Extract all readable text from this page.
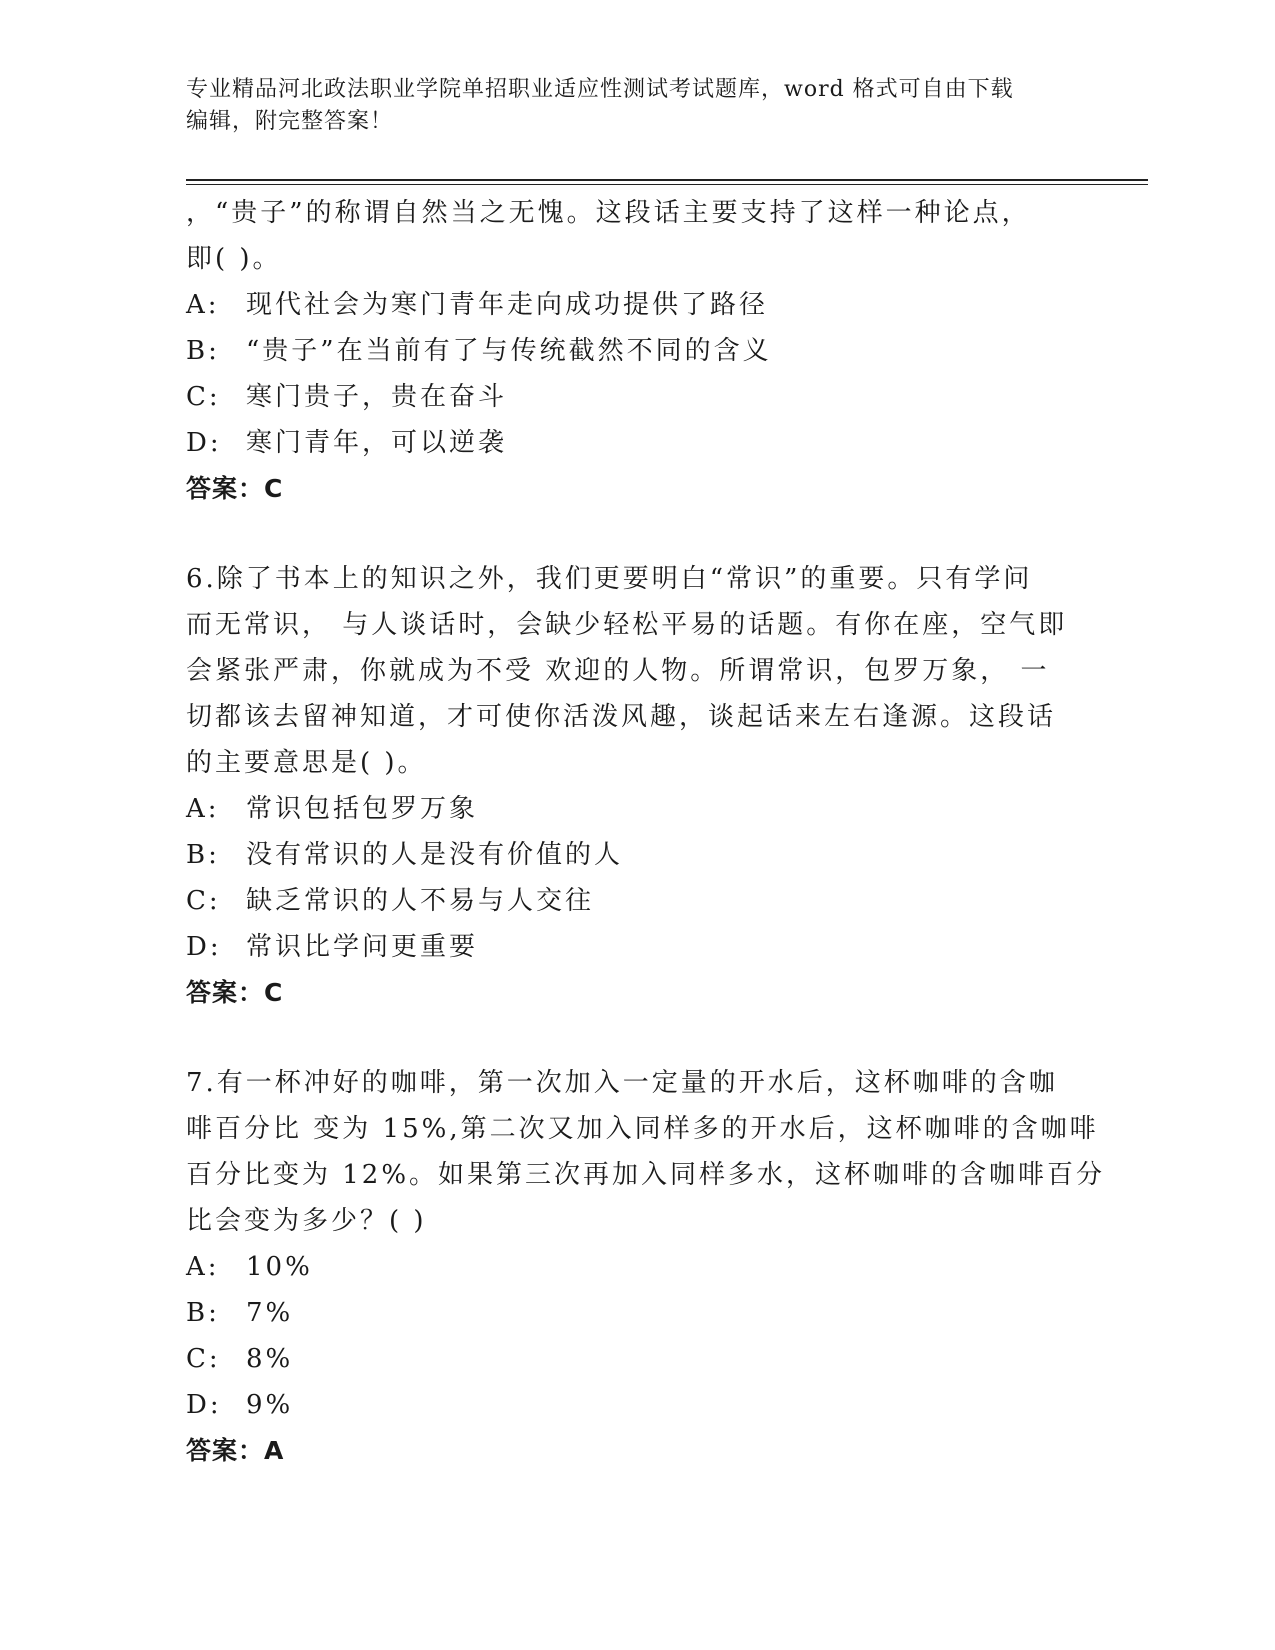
专业精品河北政法职业学院单招职业适应性测试考试题库，word 格式可自由下载
编辑，附完整答案！
，“贵子”的称谓自然当之无愧。这段话主要支持了这样一种论点，
即( )。
A: 现代社会为寒门青年走向成功提供了路径
B: “贵子”在当前有了与传统截然不同的含义
C: 寒门贵子，贵在奋斗
D: 寒门青年，可以逆袭
答案：C
6.除了书本上的知识之外，我们更要明白“常识”的重要。只有学问
而无常识， 与人谈话时，会缺少轻松平易的话题。有你在座，空气即
会紧张严肃，你就成为不受 欢迎的人物。所谓常识，包罗万象， 一
切都该去留神知道，才可使你活泼风趣，谈起话来左右逢源。这段话
的主要意思是( )。
A: 常识包括包罗万象
B: 没有常识的人是没有价值的人
C: 缺乏常识的人不易与人交往
D: 常识比学问更重要
答案：C
7.有一杯冲好的咖啡，第一次加入一定量的开水后，这杯咖啡的含咖
啡百分比 变为 15%,第二次又加入同样多的开水后，这杯咖啡的含咖啡
百分比变为 12%。如果第三次再加入同样多水，这杯咖啡的含咖啡百分
比会变为多少？( )
A: 10%
B: 7%
C: 8%
D: 9%
答案：A
